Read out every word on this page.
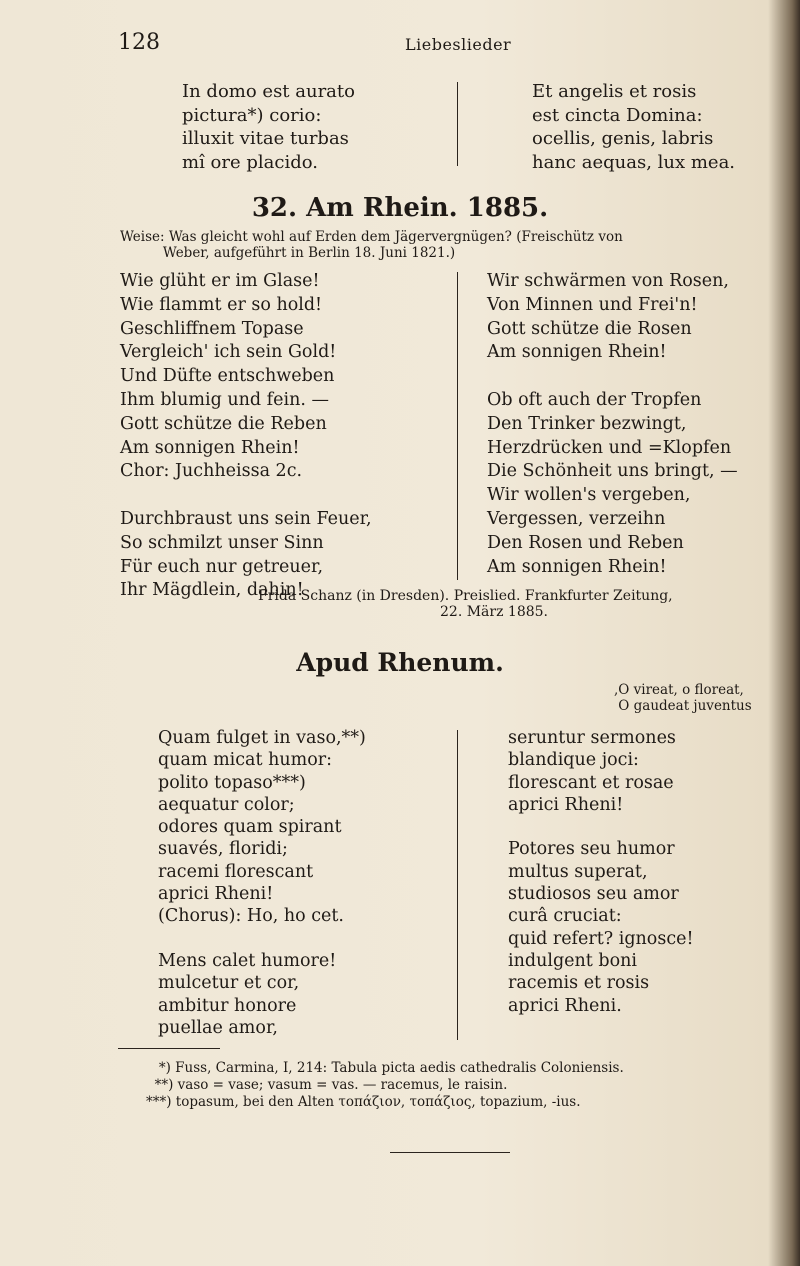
128	Liebeslieder
In domo est aurato
pictura*) corio:
illuxit vitae turbas
mî ore placido.
Et angelis et rosis
est cincta Domina:
ocellis, genis, labris
hanc aequas, lux mea.
32. Am Rhein. 1885.
Weise: Was gleicht wohl auf Erden dem Jägervergnügen? (Freischütz von
Weber, aufgeführt in Berlin 18. Juni 1821.)
Wie glüht er im Glase!
Wie flammt er so hold!
Geschliffnem Topase
Vergleich' ich sein Gold!
Und Düfte entschweben
Ihm blumig und fein. —
Gott schütze die Reben
Am sonnigen Rhein!
Chor: Juchheissa 2c.

Durchbraust uns sein Feuer,
So schmilzt unser Sinn
Für euch nur getreuer,
Ihr Mägdlein, dahin!
Wir schwärmen von Rosen,
Von Minnen und Frei'n!
Gott schütze die Rosen
Am sonnigen Rhein!

Ob oft auch der Tropfen
Den Trinker bezwingt,
Herzdrücken und =Klopfen
Die Schönheit uns bringt, —
Wir wollen's vergeben,
Vergessen, verzeihn
Den Rosen und Reben
Am sonnigen Rhein!
Frida Schanz (in Dresden). Preislied. Frankfurter Zeitung,
22. März 1885.
Apud Rhenum.
,O vireat, o floreat,
O gaudeat juventus
Quam fulget in vaso,**)
quam micat humor:
polito topaso***)
aequatur color;
odores quam spirant
suavés, floridi;
racemi florescant
aprici Rheni!
(Chorus): Ho, ho cet.

Mens calet humore!
mulcetur et cor,
ambitur honore
puellae amor,
seruntur sermones
blandique joci:
florescant et rosae
aprici Rheni!

Potores seu humor
multus superat,
studiosos seu amor
curâ cruciat:
quid refert? ignosce!
indulgent boni
racemis et rosis
aprici Rheni.
*) Fuss, Carmina, I, 214: Tabula picta aedis cathedralis Coloniensis.
**) vaso = vase; vasum = vas. — racemus, le raisin.
***) topasum, bei den Alten τοπάζιον, τοπάζιος, topazium, -ius.
